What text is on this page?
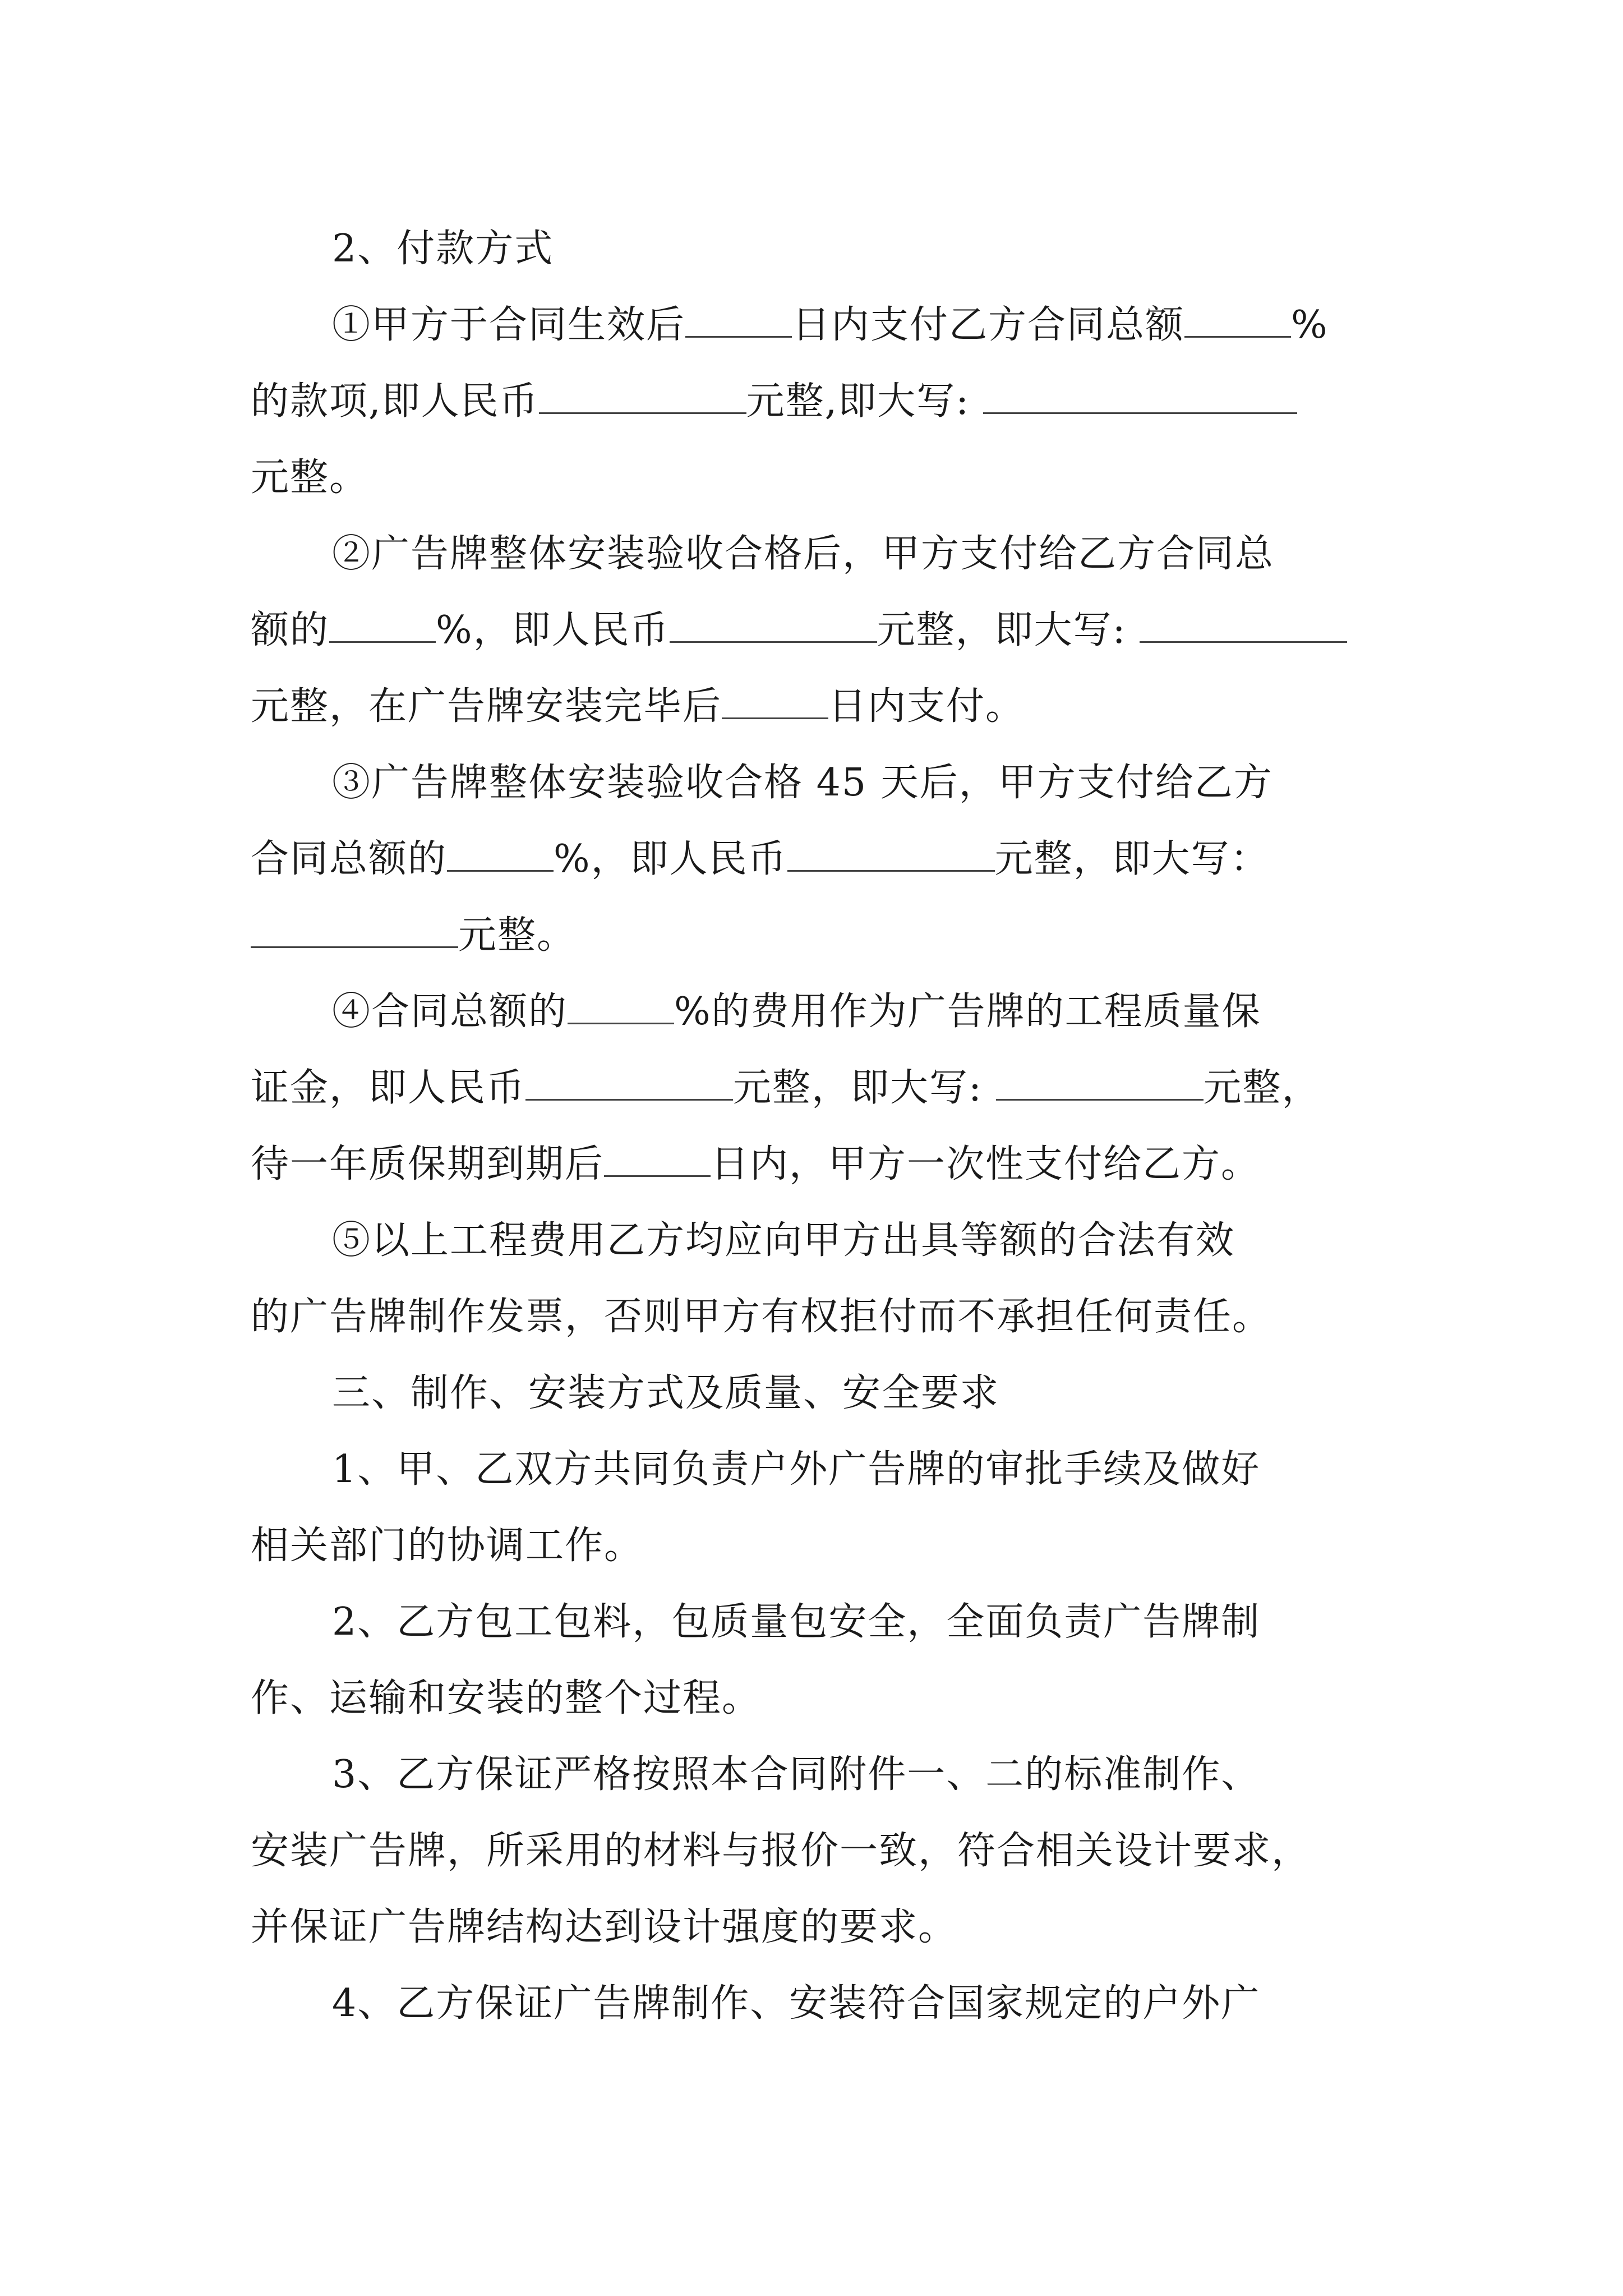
2、付款方式
①甲方于合同生效后	日内支付乙方合同总额	%
的款项,即人民币	元整,即大写:
元整。
②广告牌整体安装验收合格后，甲方支付给乙方合同总
额的	%，即人民币	元整，即大写:
元整，在广告牌安装完毕后	日内支付。
③广告牌整体安装验收合格 45 天后，甲方支付给乙方
合同总额的	%，即人民币	元整，即大写：
元整。
④合同总额的	%的费用作为广告牌的工程质量保
证金，即人民币	元整，即大写:	元整，
待一年质保期到期后	日内，甲方一次性支付给乙方。
⑤以上工程费用乙方均应向甲方出具等额的合法有效
的广告牌制作发票，否则甲方有权拒付而不承担任何责任。
三、制作、安装方式及质量、安全要求
1、甲、乙双方共同负责户外广告牌的审批手续及做好
相关部门的协调工作。
2、乙方包工包料，包质量包安全，全面负责广告牌制
作、运输和安装的整个过程。
3、乙方保证严格按照本合同附件一、二的标准制作、
安装广告牌，所采用的材料与报价一致，符合相关设计要求，
并保证广告牌结构达到设计强度的要求。
4、乙方保证广告牌制作、安装符合国家规定的户外广
